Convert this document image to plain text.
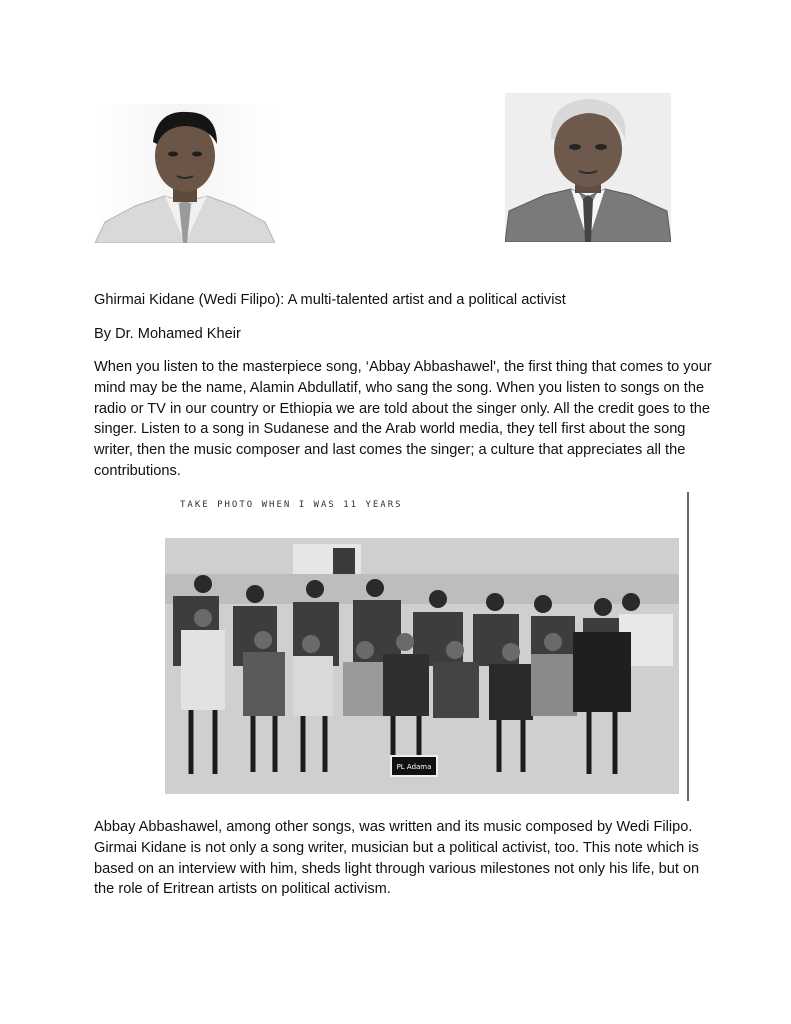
Ghirmai Kidane (Wedi Filipo): A multi-talented artist and a political activist

By Dr. Mohamed Kheir

When you listen to the masterpiece song, ‘Abbay Abbashawel', the first thing that comes to your mind may be the name, Alamin Abdullatif, who sang the song. When you listen to songs on the radio or TV in our country or Ethiopia we are told about the singer only. All the credit goes to the singer. Listen to a song in Sudanese and the Arab world media, they tell first about the song writer, then the music composer and last comes the singer; a culture that appreciates all the contributions.

PL Adama
TAKE PHOTO WHEN I WAS 11 YEARS

Abbay Abbashawel, among other songs, was written and its music composed by Wedi Filipo. Girmai Kidane is not only a song writer, musician but a political activist, too. This note which is based on an interview with him, sheds light through various milestones not only his life, but on the role of Eritrean artists on political activism.
